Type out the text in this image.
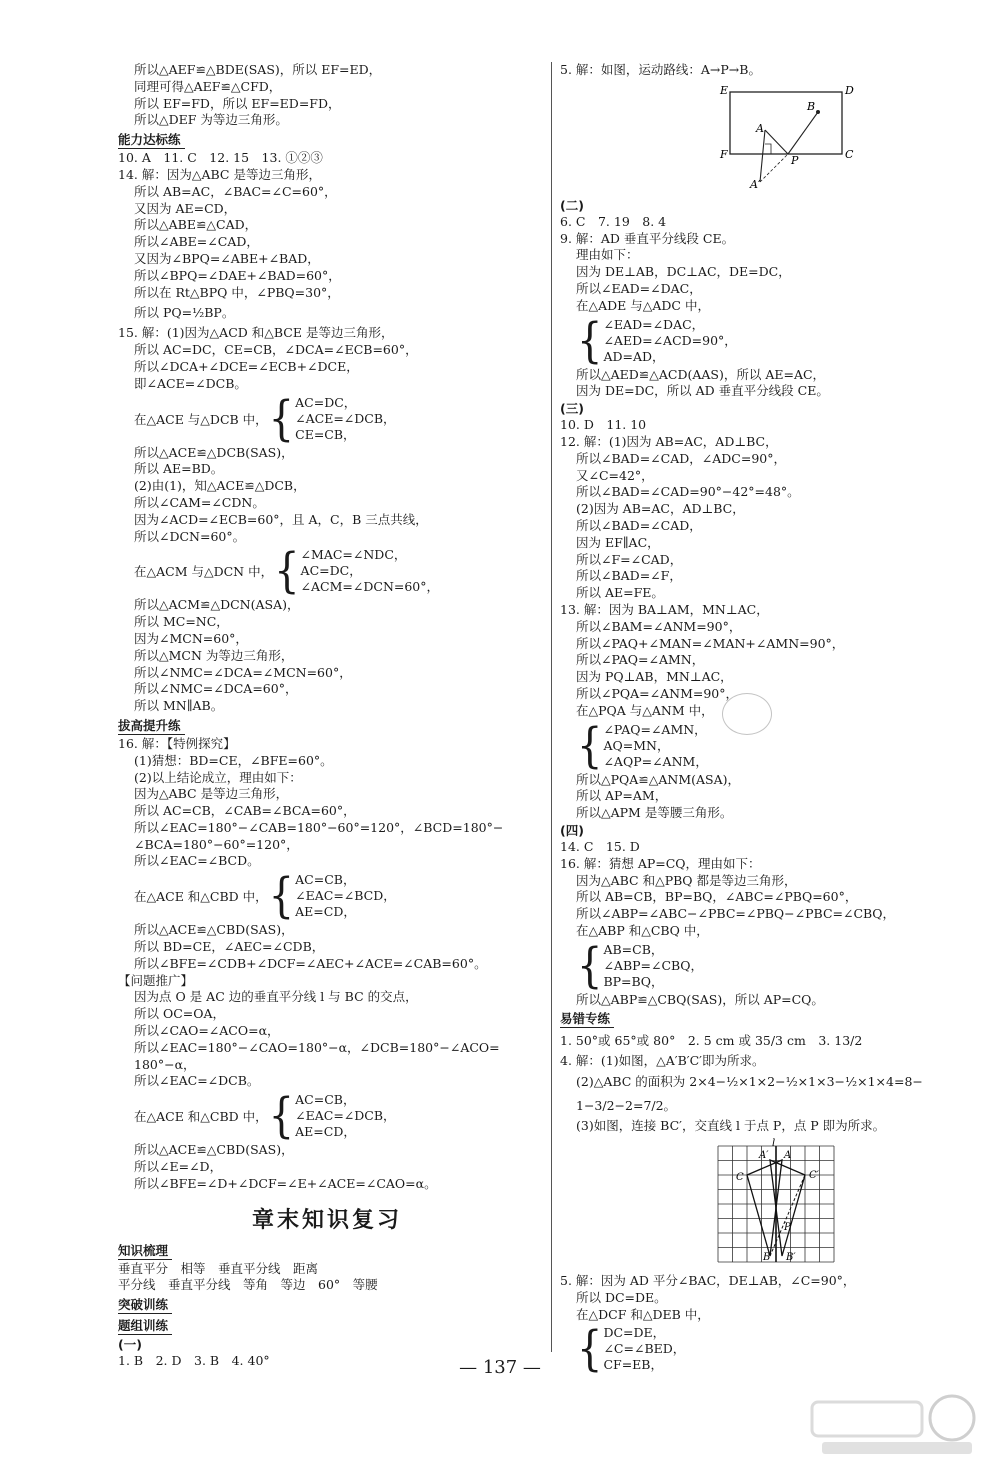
所以△AEF≌△BDE(SAS)，所以 EF=ED，
同理可得△AEF≌△CFD，
所以 EF=FD，所以 EF=ED=FD，
所以△DEF 为等边三角形。
能力达标练
10. A　11. C　12. 15　13. ①②③
14. 解：因为△ABC 是等边三角形，
所以 AB=AC，∠BAC=∠C=60°，
又因为 AE=CD，
所以△ABE≌△CAD，
所以∠ABE=∠CAD，
又因为∠BPQ=∠ABE+∠BAD，
所以∠BPQ=∠DAE+∠BAD=60°，
所以在 Rt△BPQ 中，∠PBQ=30°，
所以 PQ=½BP。
15. 解：(1)因为△ACD 和△BCE 是等边三角形，
所以 AC=DC，CE=CB，∠DCA=∠ECB=60°，
所以∠DCA+∠DCE=∠ECB+∠DCE，
即∠ACE=∠DCB。
在△ACE 与△DCB 中， { AC=DC，
∠ACE=∠DCB，
CE=CB，
所以△ACE≌△DCB(SAS)，
所以 AE=BD。
(2)由(1)，知△ACE≌△DCB，
所以∠CAM=∠CDN。
因为∠ACD=∠ECB=60°，且 A，C，B 三点共线，
所以∠DCN=60°。
在△ACM 与△DCN 中， { ∠MAC=∠NDC，
AC=DC，
∠ACM=∠DCN=60°，
所以△ACM≌△DCN(ASA)，
所以 MC=NC，
因为∠MCN=60°，
所以△MCN 为等边三角形，
所以∠NMC=∠DCA=∠MCN=60°，
所以∠NMC=∠DCA=60°，
所以 MN∥AB。
拔高提升练
16. 解：【特例探究】
(1)猜想：BD=CE，∠BFE=60°。
(2)以上结论成立，理由如下：
因为△ABC 是等边三角形，
所以 AC=CB，∠CAB=∠BCA=60°，
所以∠EAC=180°−∠CAB=180°−60°=120°，∠BCD=180°−
∠BCA=180°−60°=120°，
所以∠EAC=∠BCD。
在△ACE 和△CBD 中， { AC=CB，
∠EAC=∠BCD，
AE=CD，
所以△ACE≌△CBD(SAS)，
所以 BD=CE，∠AEC=∠CDB，
所以∠BFE=∠CDB+∠DCF=∠AEC+∠ACE=∠CAB=60°。
【问题推广】
因为点 O 是 AC 边的垂直平分线 l 与 BC 的交点，
所以 OC=OA，
所以∠CAO=∠ACO=α，
所以∠EAC=180°−∠CAO=180°−α，∠DCB=180°−∠ACO=
180°−α，
所以∠EAC=∠DCB。
在△ACE 和△CBD 中， { AC=CB，
∠EAC=∠DCB，
AE=CD，
所以△ACE≌△CBD(SAS)，
所以∠E=∠D，
所以∠BFE=∠D+∠DCF=∠E+∠ACE=∠CAO=α。
章末知识复习
知识梳理
垂直平分　相等　垂直平分线　距离
平分线　垂直平分线　等角　等边　60°　等腰
突破训练
题组训练
(一)
1. B　2. D　3. B　4. 40°
5. 解：如图，运动路线：A→P→B。
E	D
F	C
A
B
P
A′
(二)
6. C　7. 19　8. 4
9. 解：AD 垂直平分线段 CE。
理由如下：
因为 DE⊥AB，DC⊥AC，DE=DC，
所以∠EAD=∠DAC，
在△ADE 与△ADC 中，
{ ∠EAD=∠DAC，
∠AED=∠ACD=90°，
AD=AD，
所以△AED≌△ACD(AAS)，所以 AE=AC，
因为 DE=DC，所以 AD 垂直平分线段 CE。
(三)
10. D　11. 10
12. 解：(1)因为 AB=AC，AD⊥BC，
所以∠BAD=∠CAD，∠ADC=90°，
又∠C=42°，
所以∠BAD=∠CAD=90°−42°=48°。
(2)因为 AB=AC，AD⊥BC，
所以∠BAD=∠CAD，
因为 EF∥AC，
所以∠F=∠CAD，
所以∠BAD=∠F，
所以 AE=FE。
13. 解：因为 BA⊥AM，MN⊥AC，
所以∠BAM=∠ANM=90°，
所以∠PAQ+∠MAN=∠MAN+∠AMN=90°，
所以∠PAQ=∠AMN，
因为 PQ⊥AB，MN⊥AC，
所以∠PQA=∠ANM=90°，
在△PQA 与△ANM 中，
{ ∠PAQ=∠AMN，
AQ=MN，
∠AQP=∠ANM，
所以△PQA≌△ANM(ASA)，
所以 AP=AM，
所以△APM 是等腰三角形。
(四)
14. C　15. D
16. 解：猜想 AP=CQ，理由如下：
因为△ABC 和△PBQ 都是等边三角形，
所以 AB=CB，BP=BQ，∠ABC=∠PBQ=60°，
所以∠ABP=∠ABC−∠PBC=∠PBQ−∠PBC=∠CBQ，
在△ABP 和△CBQ 中，
{ AB=CB，
∠ABP=∠CBQ，
BP=BQ，
所以△ABP≌△CBQ(SAS)，所以 AP=CQ。
易错专练
1. 50°或 65°或 80°　2. 5 cm 或 35/3 cm　3. 13/2
4. 解：(1)如图，△A′B′C′即为所求。
(2)△ABC 的面积为 2×4−½×1×2−½×1×3−½×1×4=8−
1−3/2−2=7/2。
(3)如图，连接 BC′，交直线 l 于点 P，点 P 即为所求。
l
A′ A
C	C′
P
B B′
5. 解：因为 AD 平分∠BAC，DE⊥AB，∠C=90°，
所以 DC=DE。
在△DCF 和△DEB 中，
{ DC=DE，
∠C=∠BED，
CF=EB，
— 137 —
